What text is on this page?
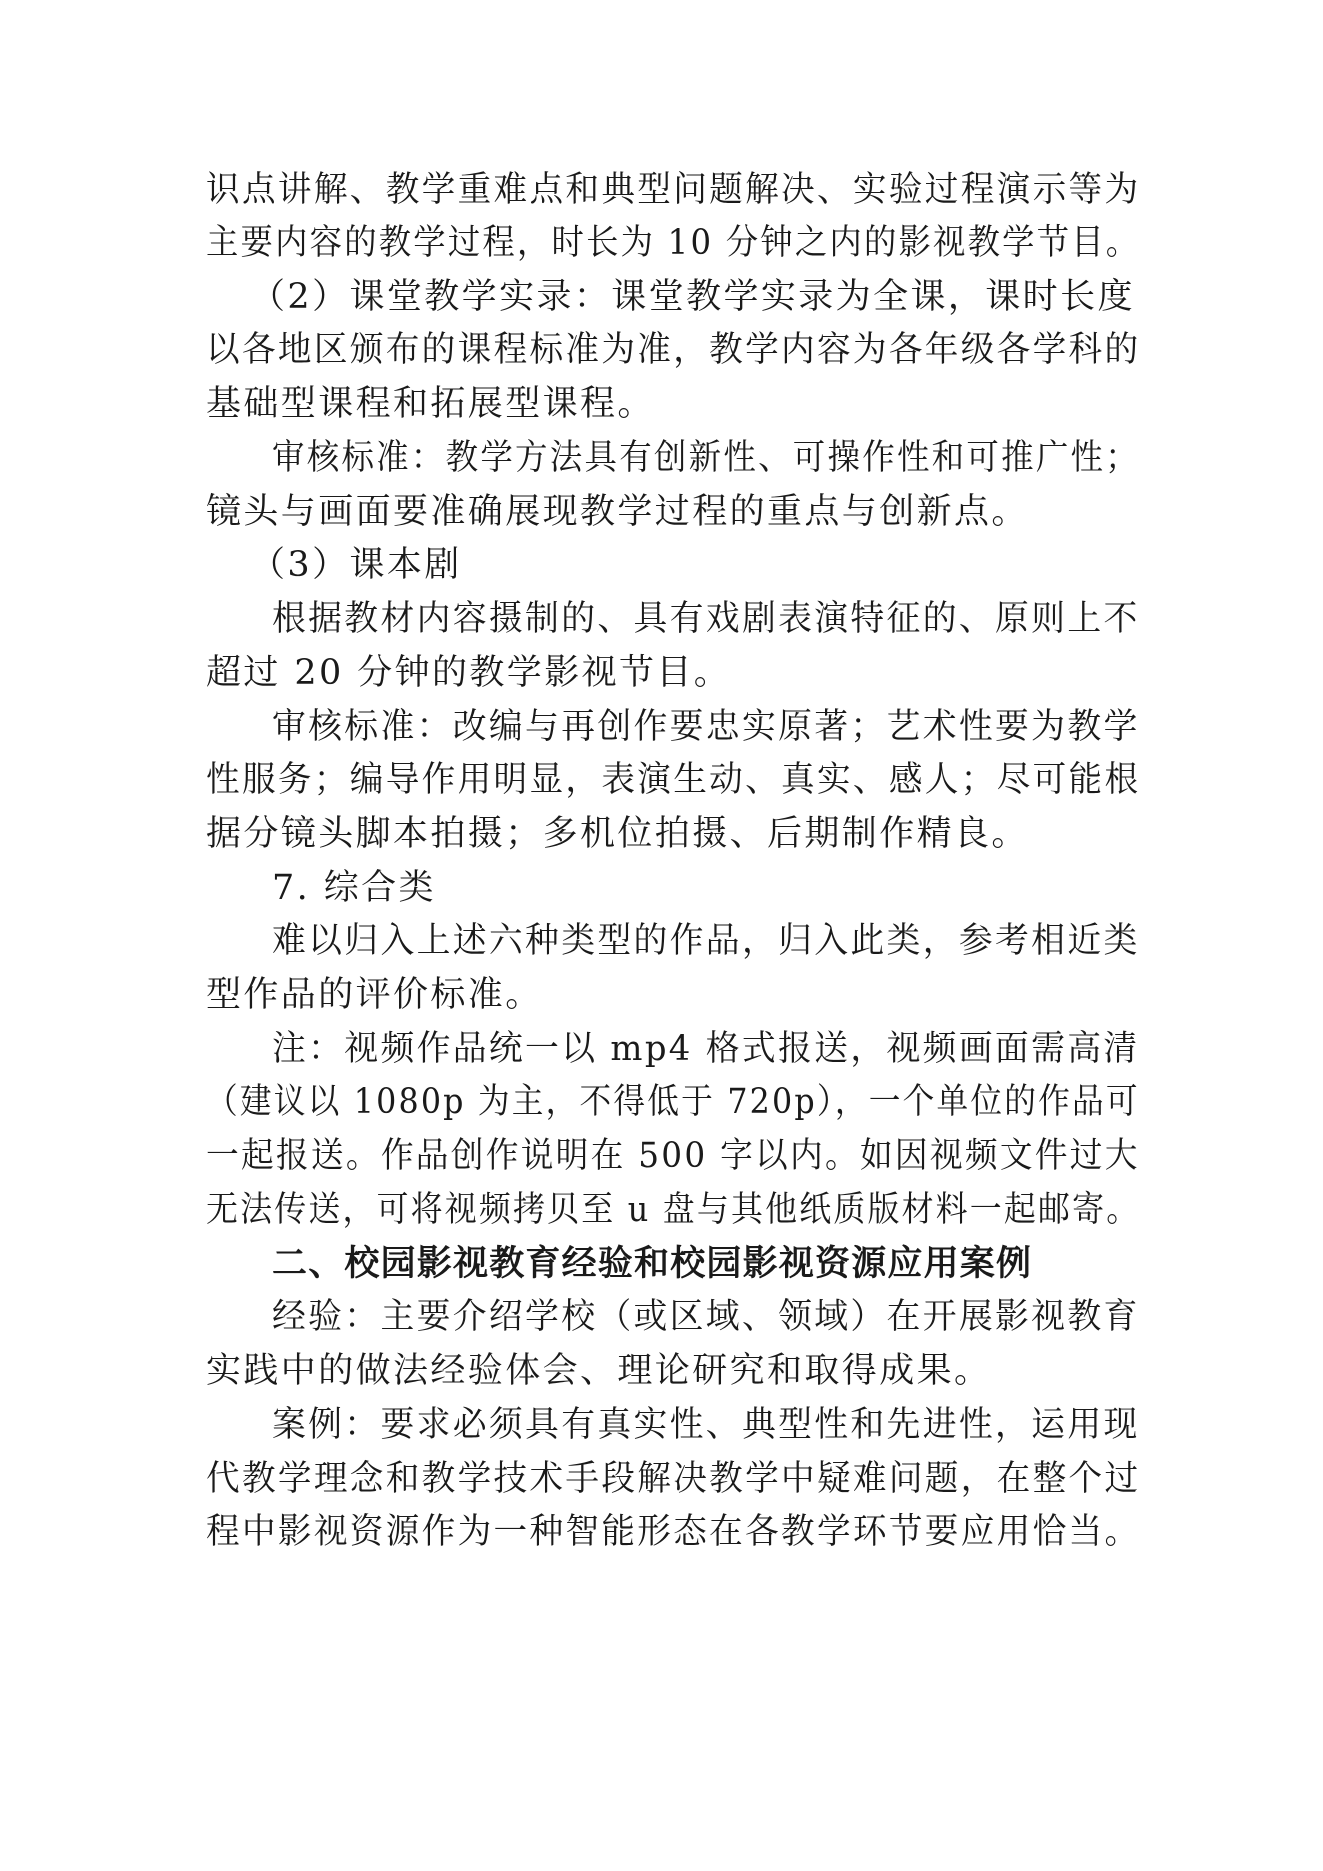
识点讲解、教学重难点和典型问题解决、实验过程演示等为
主要内容的教学过程，时长为 10 分钟之内的影视教学节目。
（2）课堂教学实录：课堂教学实录为全课，课时长度
以各地区颁布的课程标准为准，教学内容为各年级各学科的
基础型课程和拓展型课程。
审核标准：教学方法具有创新性、可操作性和可推广性；
镜头与画面要准确展现教学过程的重点与创新点。
（3）课本剧
根据教材内容摄制的、具有戏剧表演特征的、原则上不
超过 20 分钟的教学影视节目。
审核标准：改编与再创作要忠实原著；艺术性要为教学
性服务；编导作用明显，表演生动、真实、感人；尽可能根
据分镜头脚本拍摄；多机位拍摄、后期制作精良。
7. 综合类
难以归入上述六种类型的作品，归入此类，参考相近类
型作品的评价标准。
注：视频作品统一以 mp4 格式报送，视频画面需高清
（建议以 1080p 为主，不得低于 720p），一个单位的作品可
一起报送。作品创作说明在 500 字以内。如因视频文件过大
无法传送，可将视频拷贝至 u 盘与其他纸质版材料一起邮寄。
二、校园影视教育经验和校园影视资源应用案例
经验：主要介绍学校（或区域、领域）在开展影视教育
实践中的做法经验体会、理论研究和取得成果。
案例：要求必须具有真实性、典型性和先进性，运用现
代教学理念和教学技术手段解决教学中疑难问题，在整个过
程中影视资源作为一种智能形态在各教学环节要应用恰当。
